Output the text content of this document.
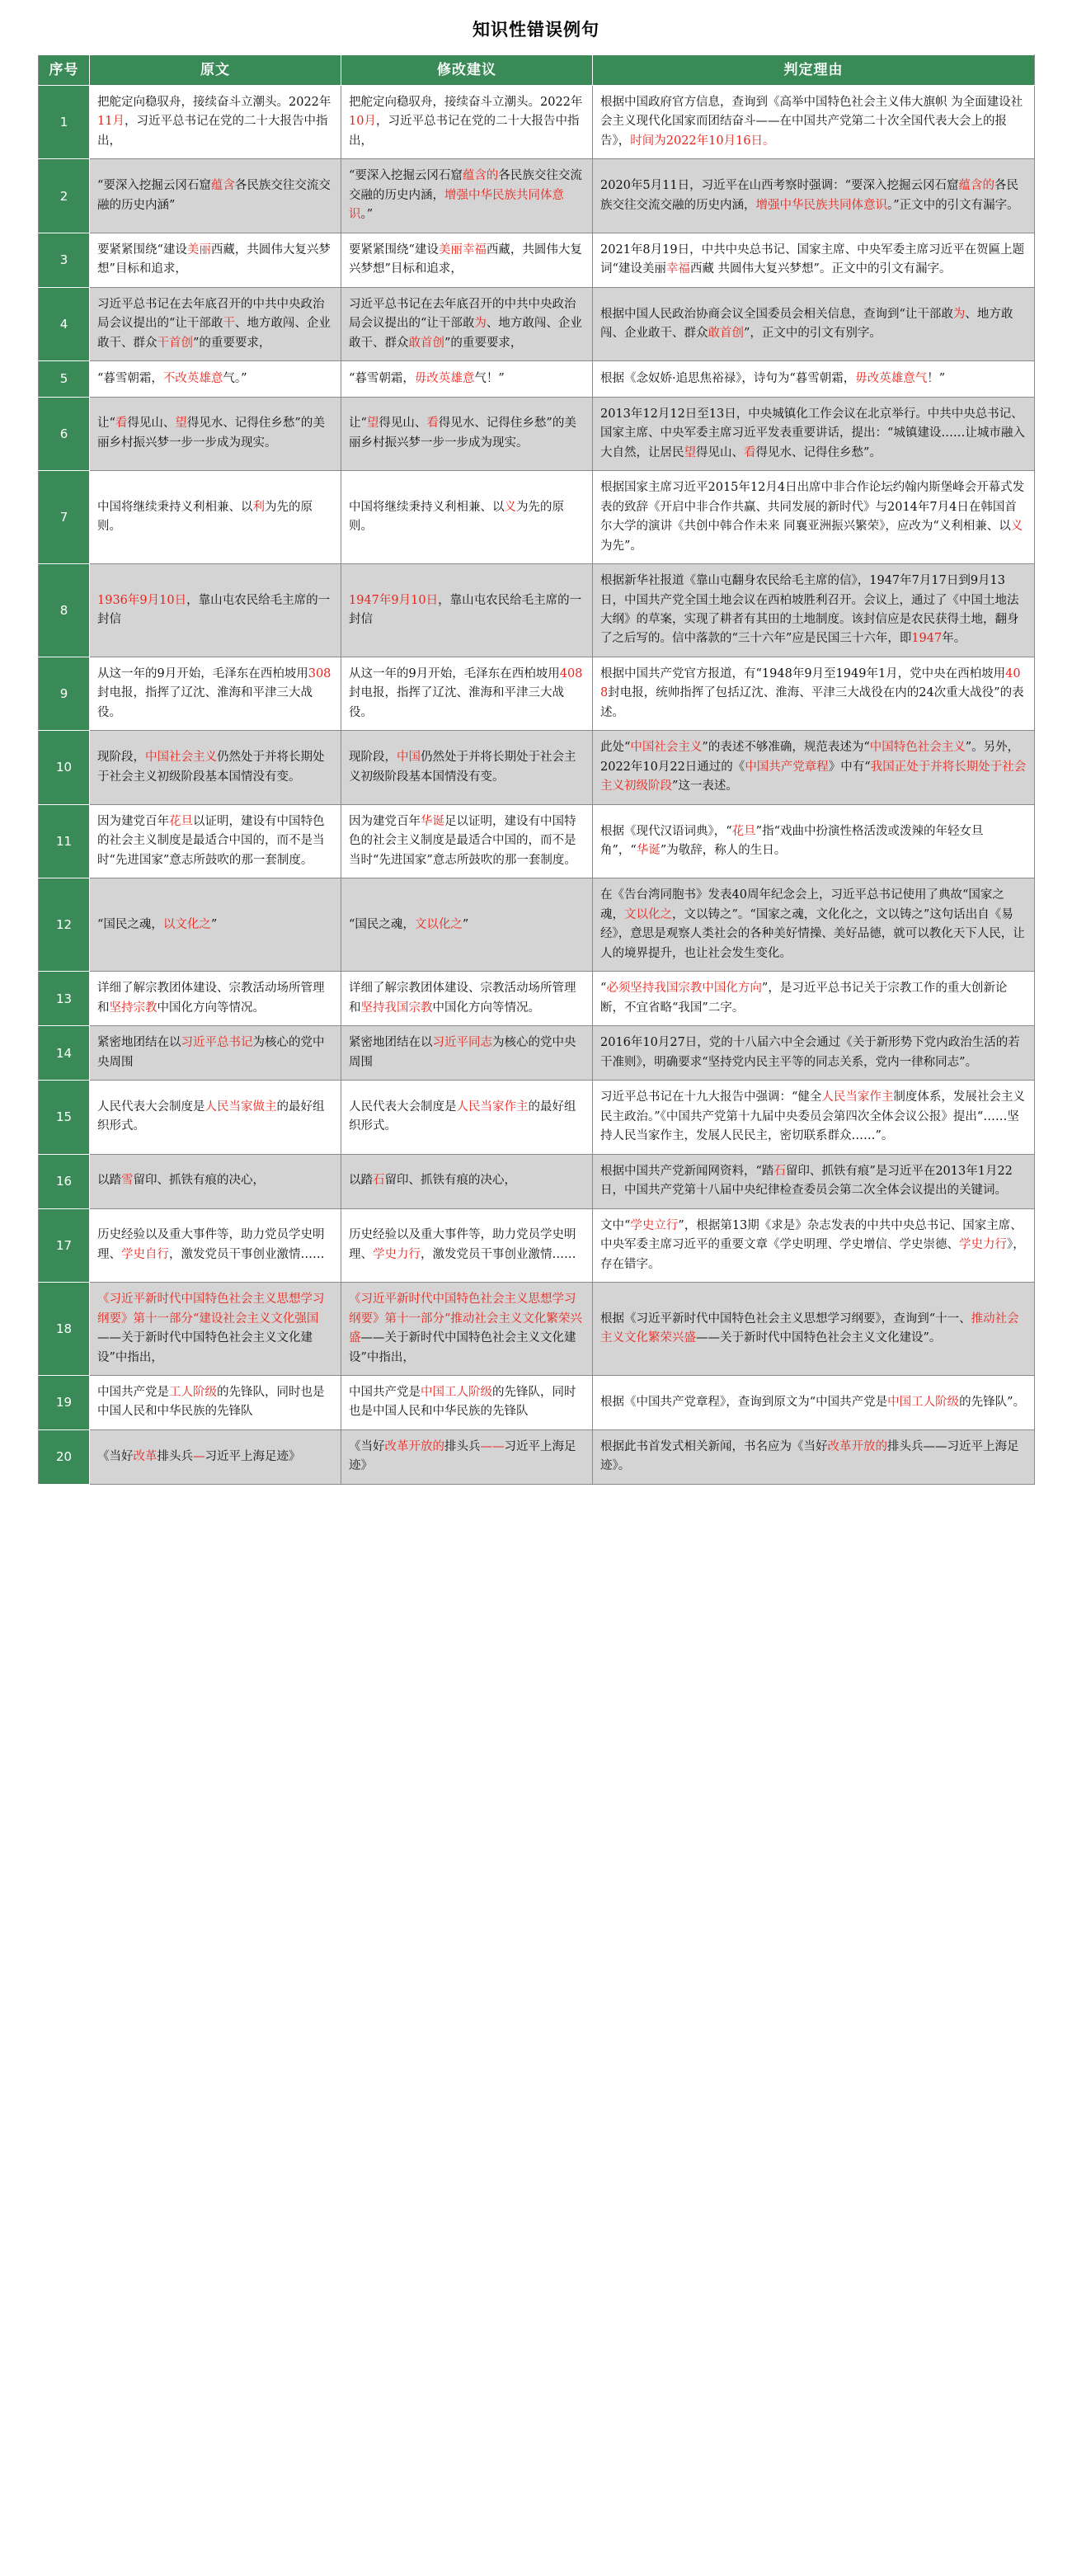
知识性错误例句
序号	原文	修改建议	判定理由
1	把舵定向稳驭舟，接续奋斗立潮头。2022年11月，习近平总书记在党的二十大报告中指出，	把舵定向稳驭舟，接续奋斗立潮头。2022年10月，习近平总书记在党的二十大报告中指出，	根据中国政府官方信息，查询到《高举中国特色社会主义伟大旗帜 为全面建设社会主义现代化国家而团结奋斗——在中国共产党第二十次全国代表大会上的报告》，时间为2022年10月16日。

2	“要深入挖掘云冈石窟蕴含各民族交往交流交融的历史内涵”	“要深入挖掘云冈石窟蕴含的各民族交往交流交融的历史内涵，增强中华民族共同体意识。”	2020年5月11日，习近平在山西考察时强调：“要深入挖掘云冈石窟蕴含的各民族交往交流交融的历史内涵，增强中华民族共同体意识。”正文中的引文有漏字。

3	要紧紧围绕“建设美丽西藏，共圆伟大复兴梦想”目标和追求，	要紧紧围绕“建设美丽幸福西藏，共圆伟大复兴梦想”目标和追求，	2021年8月19日，中共中央总书记、国家主席、中央军委主席习近平在贺匾上题词“建设美丽幸福西藏 共圆伟大复兴梦想”。正文中的引文有漏字。

4	习近平总书记在去年底召开的中共中央政治局会议提出的“让干部敢干、地方敢闯、企业敢干、群众干首创”的重要要求，	习近平总书记在去年底召开的中共中央政治局会议提出的“让干部敢为、地方敢闯、企业敢干、群众敢首创”的重要要求，	根据中国人民政治协商会议全国委员会相关信息，查询到“让干部敢为、地方敢闯、企业敢干、群众敢首创”，正文中的引文有别字。

5	“暮雪朝霜，不改英雄意气。”	“暮雪朝霜，毋改英雄意气！”	根据《念奴娇·追思焦裕禄》，诗句为“暮雪朝霜，毋改英雄意气！”

6	让“看得见山、望得见水、记得住乡愁”的美丽乡村振兴梦一步一步成为现实。	让“望得见山、看得见水、记得住乡愁”的美丽乡村振兴梦一步一步成为现实。	2013年12月12日至13日，中央城镇化工作会议在北京举行。中共中央总书记、国家主席、中央军委主席习近平发表重要讲话，提出：“城镇建设……让城市融入大自然，让居民望得见山、看得见水、记得住乡愁”。

7	中国将继续秉持义利相兼、以利为先的原则。	中国将继续秉持义利相兼、以义为先的原则。	根据国家主席习近平2015年12月4日出席中非合作论坛约翰内斯堡峰会开幕式发表的致辞《开启中非合作共赢、共同发展的新时代》与2014年7月4日在韩国首尔大学的演讲《共创中韩合作未来 同襄亚洲振兴繁荣》，应改为“义利相兼、以义为先”。

8	1936年9月10日，靠山屯农民给毛主席的一封信	1947年9月10日，靠山屯农民给毛主席的一封信	根据新华社报道《靠山屯翻身农民给毛主席的信》，1947年7月17日到9月13日，中国共产党全国土地会议在西柏坡胜利召开。会议上，通过了《中国土地法大纲》的草案，实现了耕者有其田的土地制度。该封信应是农民获得土地，翻身了之后写的。信中落款的“三十六年”应是民国三十六年，即1947年。

9	从这一年的9月开始，毛泽东在西柏坡用308封电报，指挥了辽沈、淮海和平津三大战役。	从这一年的9月开始，毛泽东在西柏坡用408封电报，指挥了辽沈、淮海和平津三大战役。	根据中国共产党官方报道，有“1948年9月至1949年1月，党中央在西柏坡用408封电报，统帅指挥了包括辽沈、淮海、平津三大战役在内的24次重大战役”的表述。

10	现阶段，中国社会主义仍然处于并将长期处于社会主义初级阶段基本国情没有变。	现阶段，中国仍然处于并将长期处于社会主义初级阶段基本国情没有变。	此处“中国社会主义”的表述不够准确，规范表述为“中国特色社会主义”。另外，2022年10月22日通过的《中国共产党章程》中有“我国正处于并将长期处于社会主义初级阶段”这一表述。

11	因为建党百年花旦以证明，建设有中国特色的社会主义制度是最适合中国的，而不是当时“先进国家”意志所鼓吹的那一套制度。	因为建党百年华诞足以证明，建设有中国特色的社会主义制度是最适合中国的，而不是当时“先进国家”意志所鼓吹的那一套制度。	根据《现代汉语词典》，“花旦”指“戏曲中扮演性格活泼或泼辣的年轻女旦角”，“华诞”为敬辞，称人的生日。

12	“国民之魂，以文化之”	“国民之魂，文以化之”	在《告台湾同胞书》发表40周年纪念会上，习近平总书记使用了典故“国家之魂，文以化之，文以铸之”。“国家之魂，文化化之，文以铸之”这句话出自《易经》，意思是观察人类社会的各种美好情操、美好品德，就可以教化天下人民，让人的境界提升，也让社会发生变化。

13	详细了解宗教团体建设、宗教活动场所管理和坚持宗教中国化方向等情况。	详细了解宗教团体建设、宗教活动场所管理和坚持我国宗教中国化方向等情况。	“必须坚持我国宗教中国化方向”，是习近平总书记关于宗教工作的重大创新论断，不宜省略“我国”二字。

14	紧密地团结在以习近平总书记为核心的党中央周围	紧密地团结在以习近平同志为核心的党中央周围	2016年10月27日，党的十八届六中全会通过《关于新形势下党内政治生活的若干准则》，明确要求“坚持党内民主平等的同志关系，党内一律称同志”。

15	人民代表大会制度是人民当家做主的最好组织形式。	人民代表大会制度是人民当家作主的最好组织形式。	习近平总书记在十九大报告中强调：“健全人民当家作主制度体系，发展社会主义民主政治。”《中国共产党第十九届中央委员会第四次全体会议公报》提出“……坚持人民当家作主，发展人民民主，密切联系群众……”。

16	以踏雪留印、抓铁有痕的决心，	以踏石留印、抓铁有痕的决心，	根据中国共产党新闻网资料，“踏石留印、抓铁有痕”是习近平在2013年1月22日，中国共产党第十八届中央纪律检查委员会第二次全体会议提出的关键词。

17	历史经验以及重大事件等，助力党员学史明理、学史自行，激发党员干事创业激情……	历史经验以及重大事件等，助力党员学史明理、学史力行，激发党员干事创业激情……	文中“学史立行”，根据第13期《求是》杂志发表的中共中央总书记、国家主席、中央军委主席习近平的重要文章《学史明理、学史增信、学史崇德、学史力行》，存在错字。

18	《习近平新时代中国特色社会主义思想学习纲要》第十一部分“建设社会主义文化强国——关于新时代中国特色社会主义文化建设”中指出，	《习近平新时代中国特色社会主义思想学习纲要》第十一部分“推动社会主义文化繁荣兴盛——关于新时代中国特色社会主义文化建设”中指出，	根据《习近平新时代中国特色社会主义思想学习纲要》，查询到“十一、推动社会主义文化繁荣兴盛——关于新时代中国特色社会主义文化建设”。

19	中国共产党是工人阶级的先锋队，同时也是中国人民和中华民族的先锋队	中国共产党是中国工人阶级的先锋队，同时也是中国人民和中华民族的先锋队	根据《中国共产党章程》，查询到原文为“中国共产党是中国工人阶级的先锋队”。

20	《当好改革排头兵—习近平上海足迹》	《当好改革开放的排头兵——习近平上海足迹》	根据此书首发式相关新闻，书名应为《当好改革开放的排头兵——习近平上海足迹》。
